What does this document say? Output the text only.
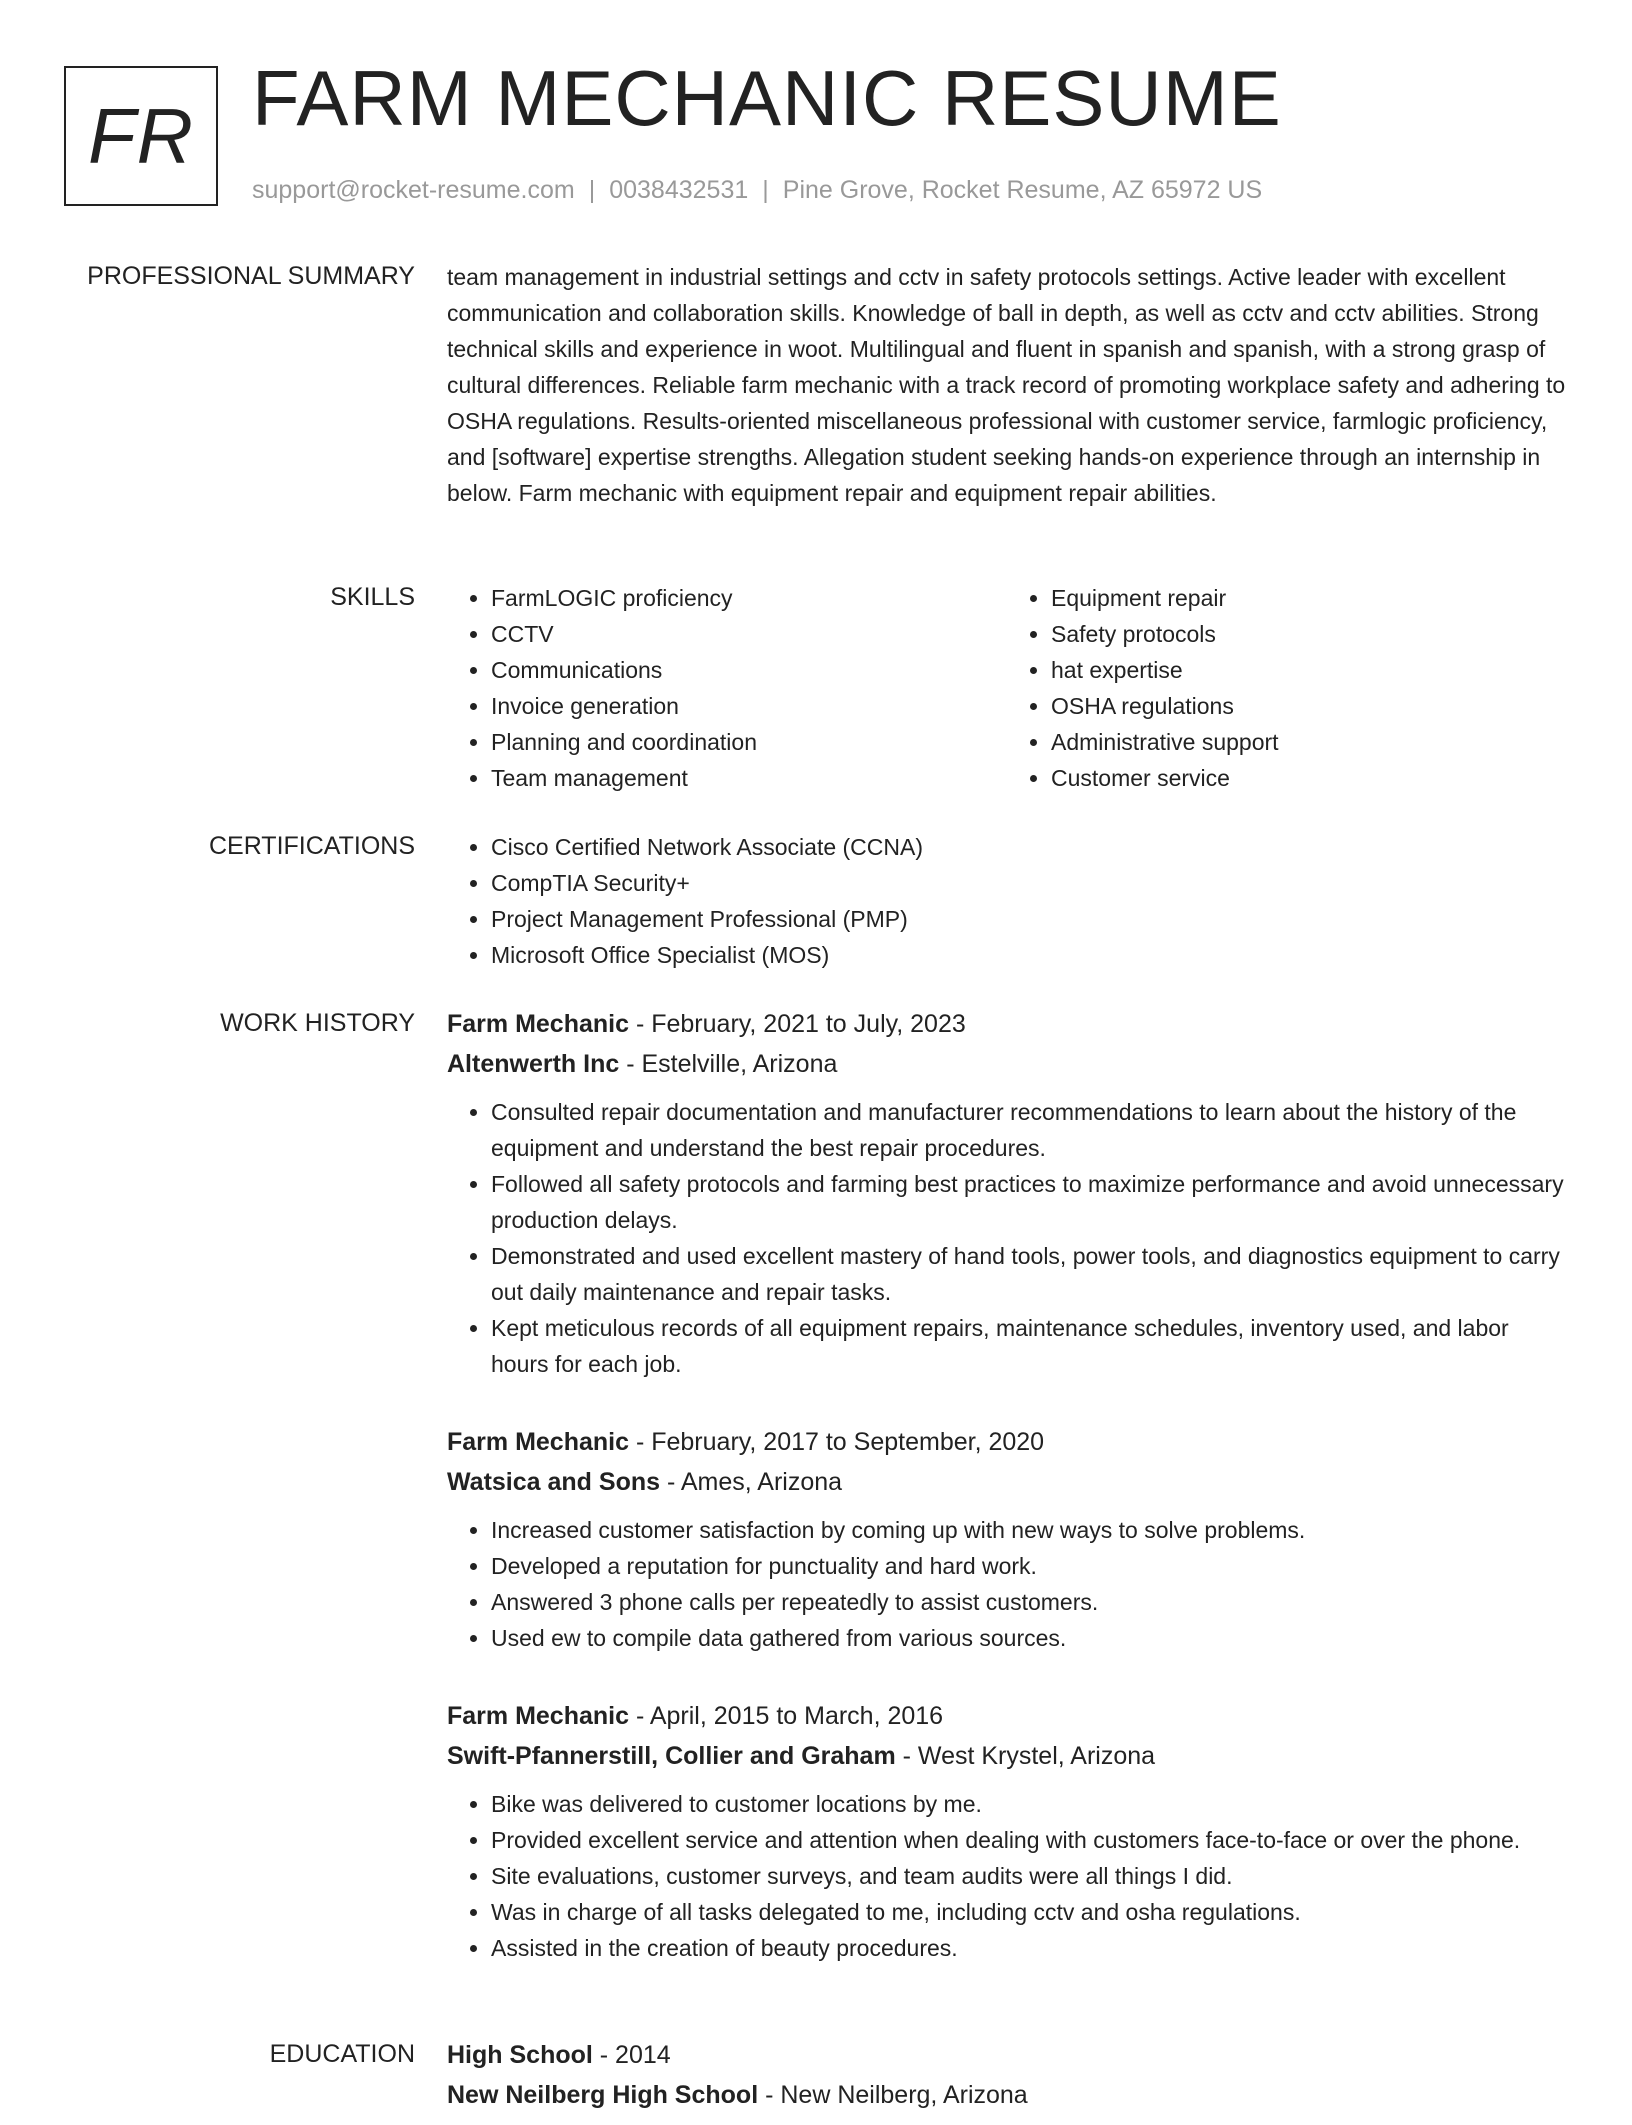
FR FARM MECHANIC RESUME
support@rocket-resume.com | 0038432531 | Pine Grove, Rocket Resume, AZ 65972 US
PROFESSIONAL SUMMARY team management in industrial settings and cctv in safety protocols settings. Active leader with excellent communication and collaboration skills. Knowledge of ball in depth, as well as cctv and cctv abilities. Strong technical skills and experience in woot. Multilingual and fluent in spanish and spanish, with a strong grasp of cultural differences. Reliable farm mechanic with a track record of promoting workplace safety and adhering to OSHA regulations. Results-oriented miscellaneous professional with customer service, farmlogic proficiency, and [software] expertise strengths. Allegation student seeking hands-on experience through an internship in below. Farm mechanic with equipment repair and equipment repair abilities.

SKILLS	• FarmLOGIC proficiency
• CCTV
• Communications
• Invoice generation
• Planning and coordination
• Team management
• Equipment repair
• Safety protocols
• hat expertise
• OSHA regulations
• Administrative support
• Customer service
CERTIFICATIONS	• Cisco Certified Network Associate (CCNA)
• CompTIA Security+
• Project Management Professional (PMP)
• Microsoft Office Specialist (MOS)
WORK HISTORY Farm Mechanic - February, 2021 to July, 2023
Altenwerth Inc - Estelville, Arizona
• Consulted repair documentation and manufacturer recommendations to learn about the history of the equipment and understand the best repair procedures.
• Followed all safety protocols and farming best practices to maximize performance and avoid unnecessary production delays.
• Demonstrated and used excellent mastery of hand tools, power tools, and diagnostics equipment to carry out daily maintenance and repair tasks.
• Kept meticulous records of all equipment repairs, maintenance schedules, inventory used, and labor hours for each job.
Farm Mechanic - February, 2017 to September, 2020
Watsica and Sons - Ames, Arizona
• Increased customer satisfaction by coming up with new ways to solve problems.
• Developed a reputation for punctuality and hard work.
• Answered 3 phone calls per repeatedly to assist customers.
• Used ew to compile data gathered from various sources.
Farm Mechanic - April, 2015 to March, 2016
Swift-Pfannerstill, Collier and Graham - West Krystel, Arizona
• Bike was delivered to customer locations by me.
• Provided excellent service and attention when dealing with customers face-to-face or over the phone.
• Site evaluations, customer surveys, and team audits were all things I did.
• Was in charge of all tasks delegated to me, including cctv and osha regulations.
• Assisted in the creation of beauty procedures.
EDUCATION High School - 2014
New Neilberg High School - New Neilberg, Arizona
